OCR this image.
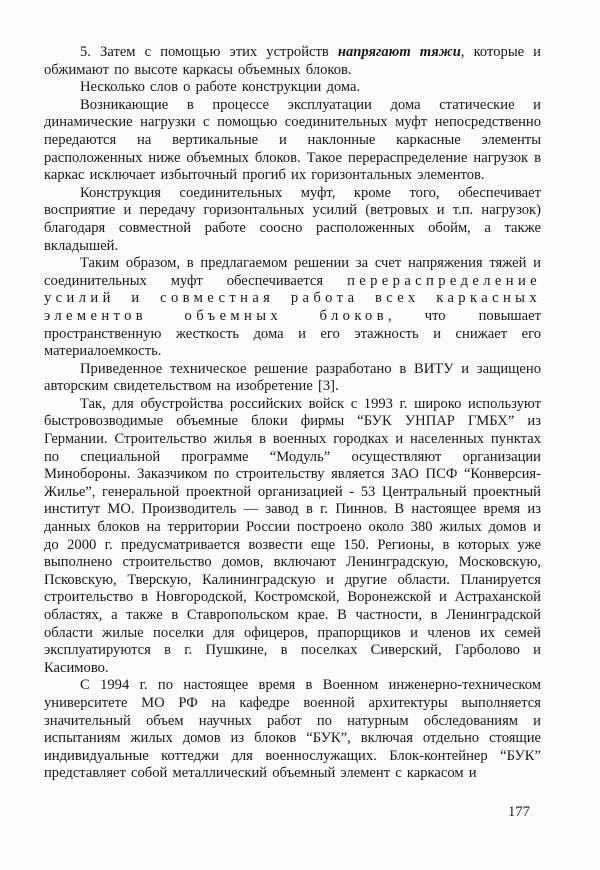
5. Затем с помощью этих устройств напрягают тяжи, которые и обжимают по высоте каркасы объемных блоков.

Несколько слов о работе конструкции дома.

Возникающие в процессе эксплуатации дома статические и динамические нагрузки с помощью соединительных муфт непосредственно передаются на вертикальные и наклонные каркасные элементы расположенных ниже объемных блоков. Такое перераспределение нагрузок в каркас исключает избыточный прогиб их горизонтальных элементов.

Конструкция соединительных муфт, кроме того, обеспечивает восприятие и передачу горизонтальных усилий (ветровых и т.п. нагрузок) благодаря совместной работе соосно расположенных обойм, а также вкладышей.

Таким образом, в предлагаемом решении за счет напряжения тяжей и соединительных муфт обеспечивается перераспределение усилий и совместная работа всех каркасных элементов объемных блоков, что повышает пространственную жесткость дома и его этажность и снижает его материалоемкость.

Приведенное техническое решение разработано в ВИТУ и защищено авторским свидетельством на изобретение [3].

Так, для обустройства российских войск с 1993 г. широко используют быстровозводимые объемные блоки фирмы “БУК УНПАР ГМБХ” из Германии. Строительство жилья в военных городках и населенных пунктах по специальной программе “Модуль” осуществляют организации Минобороны. Заказчиком по строительству является ЗАО ПСФ “Конверсия-Жилье”, генеральной проектной организацией - 53 Центральный проектный институт МО. Производитель — завод в г. Пиннов. В настоящее время из данных блоков на территории России построено около 380 жилых домов и до 2000 г. предусматривается возвести еще 150. Регионы, в которых уже выполнено строительство домов, включают Ленинградскую, Московскую, Псковскую, Тверскую, Калининградскую и другие области. Планируется строительство в Новгородской, Костромской, Воронежской и Астраханской областях, а также в Ставропольском крае. В частности, в Ленинградской области жилые поселки для офицеров, прапорщиков и членов их семей эксплуатируются в г. Пушкине, в поселках Сиверский, Гарболово и Касимово.

С 1994 г. по настоящее время в Военном инженерно-техническом университете МО РФ на кафедре военной архитектуры выполняется значительный объем научных работ по натурным обследованиям и испытаниям жилых домов из блоков “БУК”, включая отдельно стоящие индивидуальные коттеджи для военнослужащих. Блок-контейнер “БУК” представляет собой металлический объемный элемент с каркасом и

177
